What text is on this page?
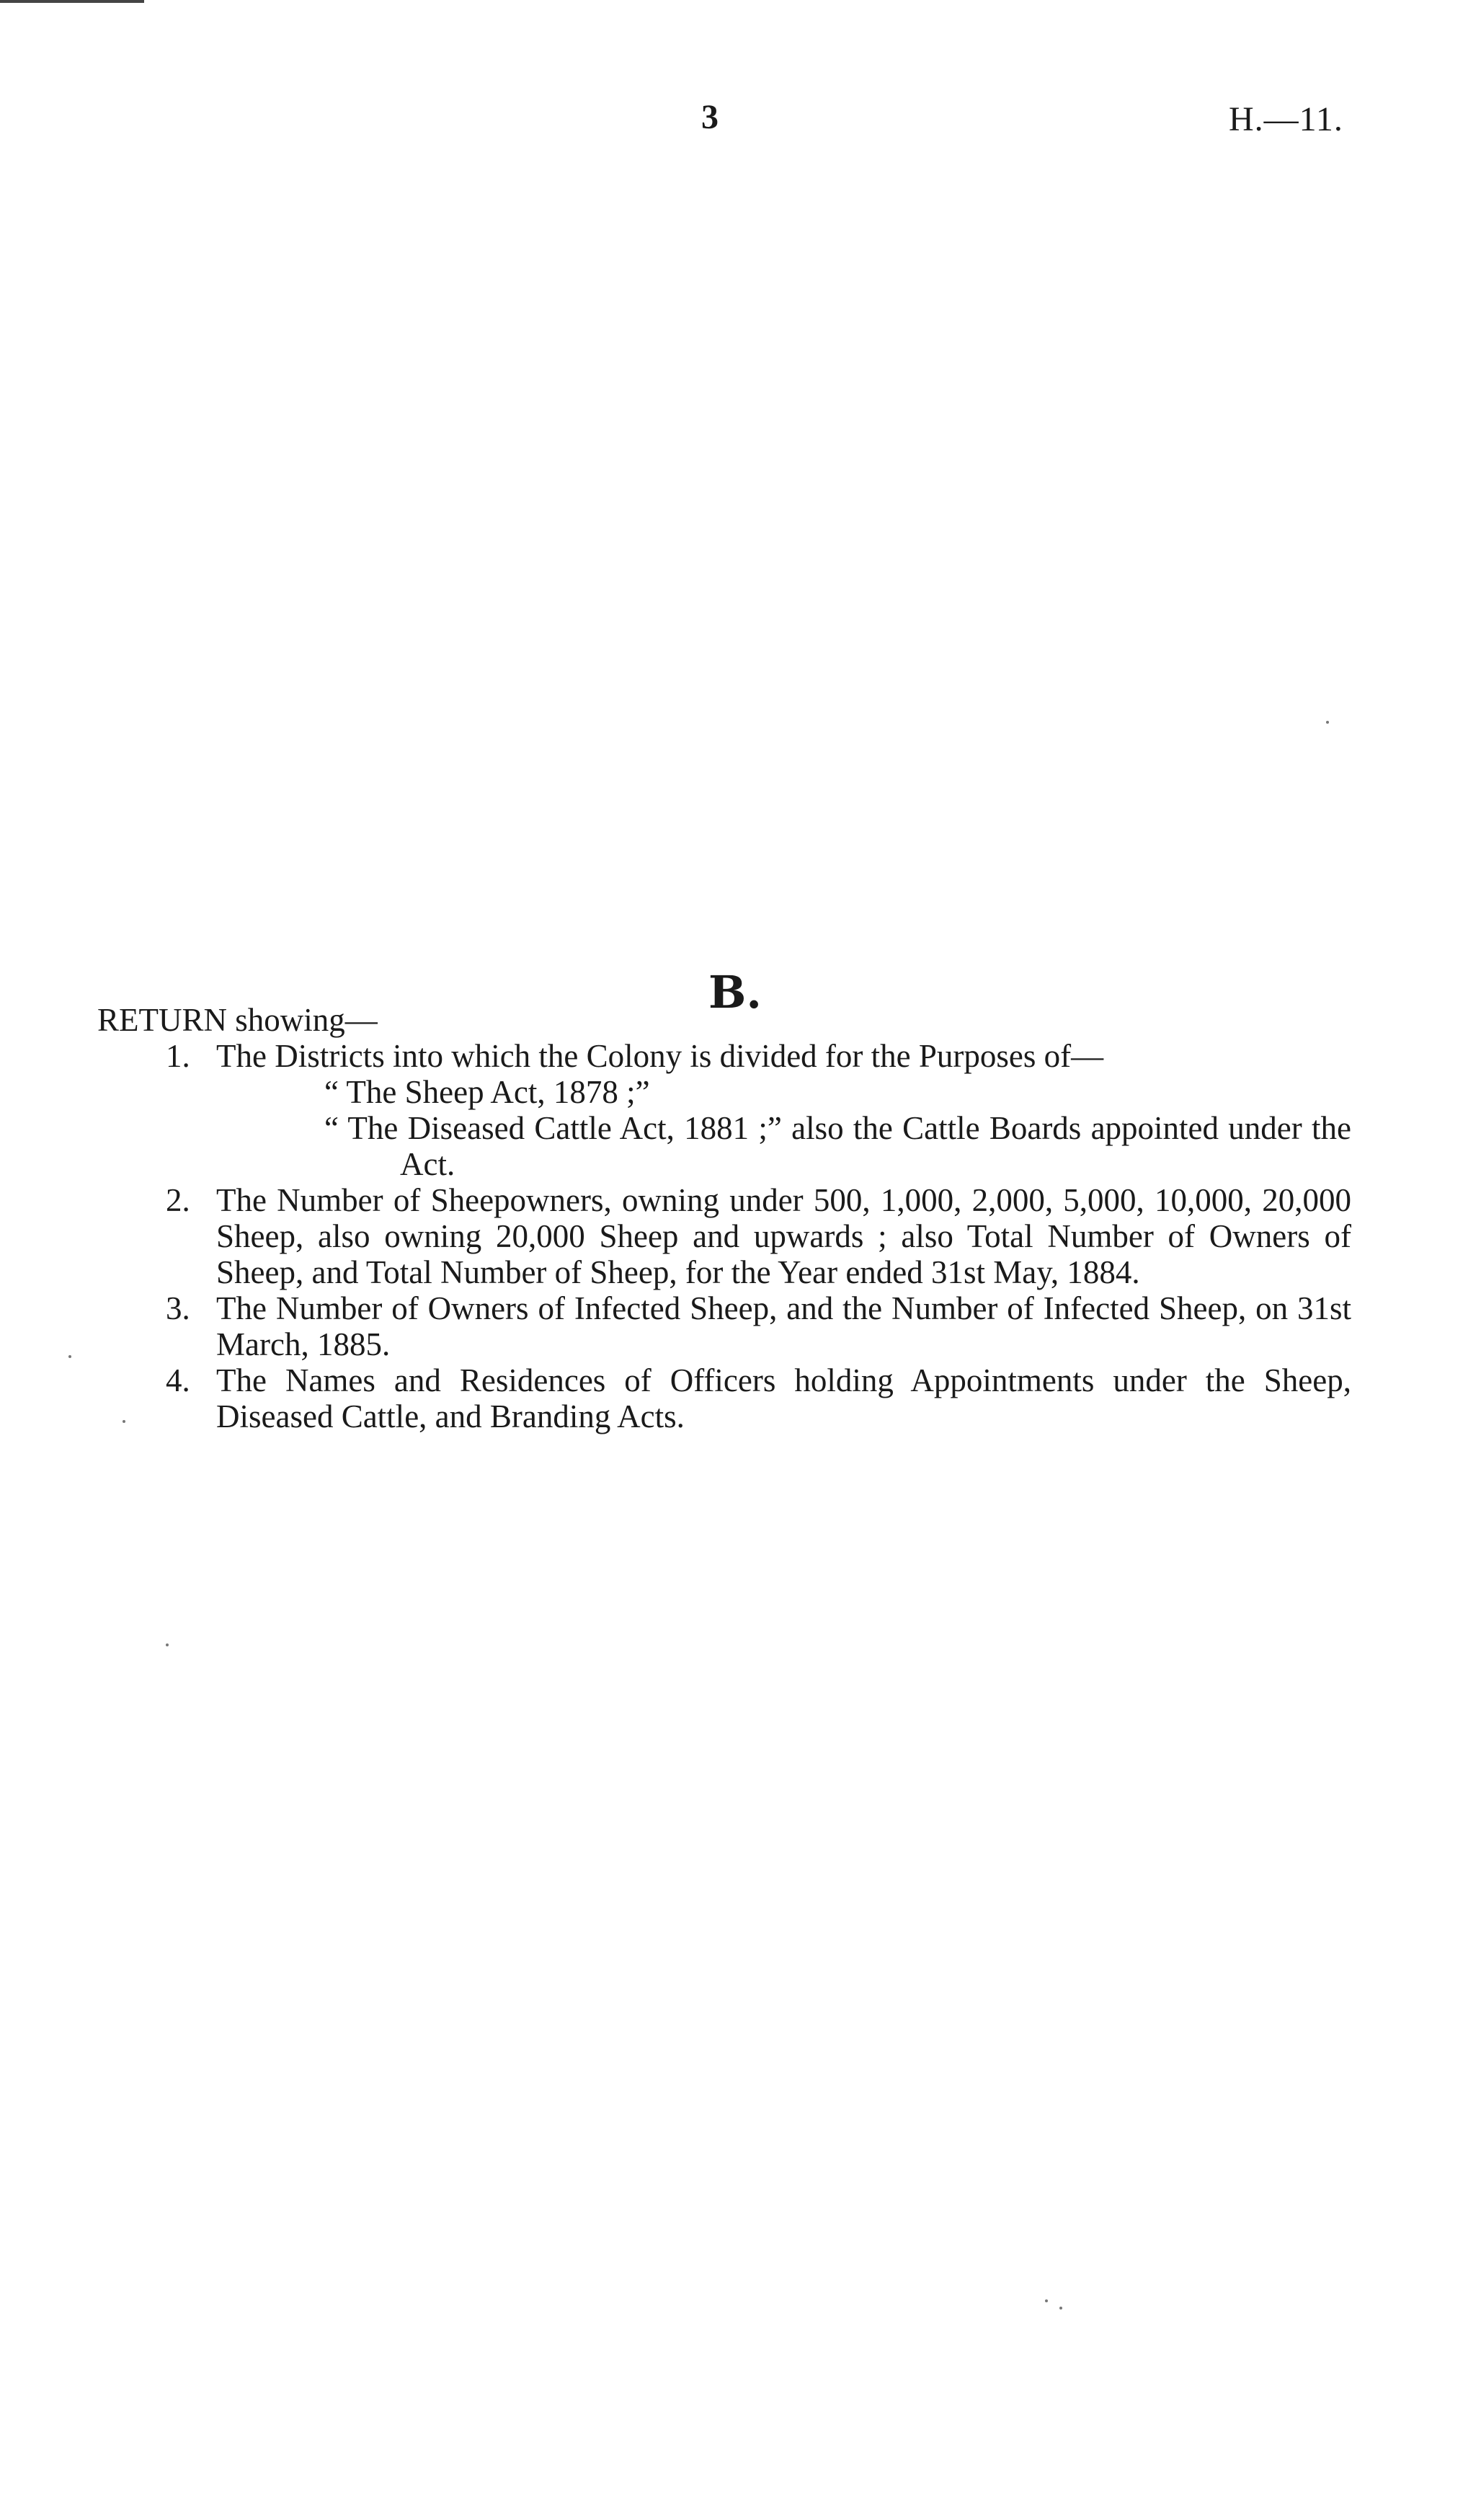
3	H.—11.
B.

RETURN showing—

1. The Districts into which the Colony is divided for the Purposes of—
“ The Sheep Act, 1878 ;”
“ The Diseased Cattle Act, 1881 ;” also the Cattle Boards appointed under the Act.
2. The Number of Sheepowners, owning under 500, 1,000, 2,000, 5,000, 10,000, 20,000 Sheep, also owning 20,000 Sheep and upwards ; also Total Number of Owners of Sheep, and Total Number of Sheep, for the Year ended 31st May, 1884.
3. The Number of Owners of Infected Sheep, and the Number of Infected Sheep, on 31st March, 1885.
4. The Names and Residences of Officers holding Appointments under the Sheep, Diseased Cattle, and Branding Acts.
